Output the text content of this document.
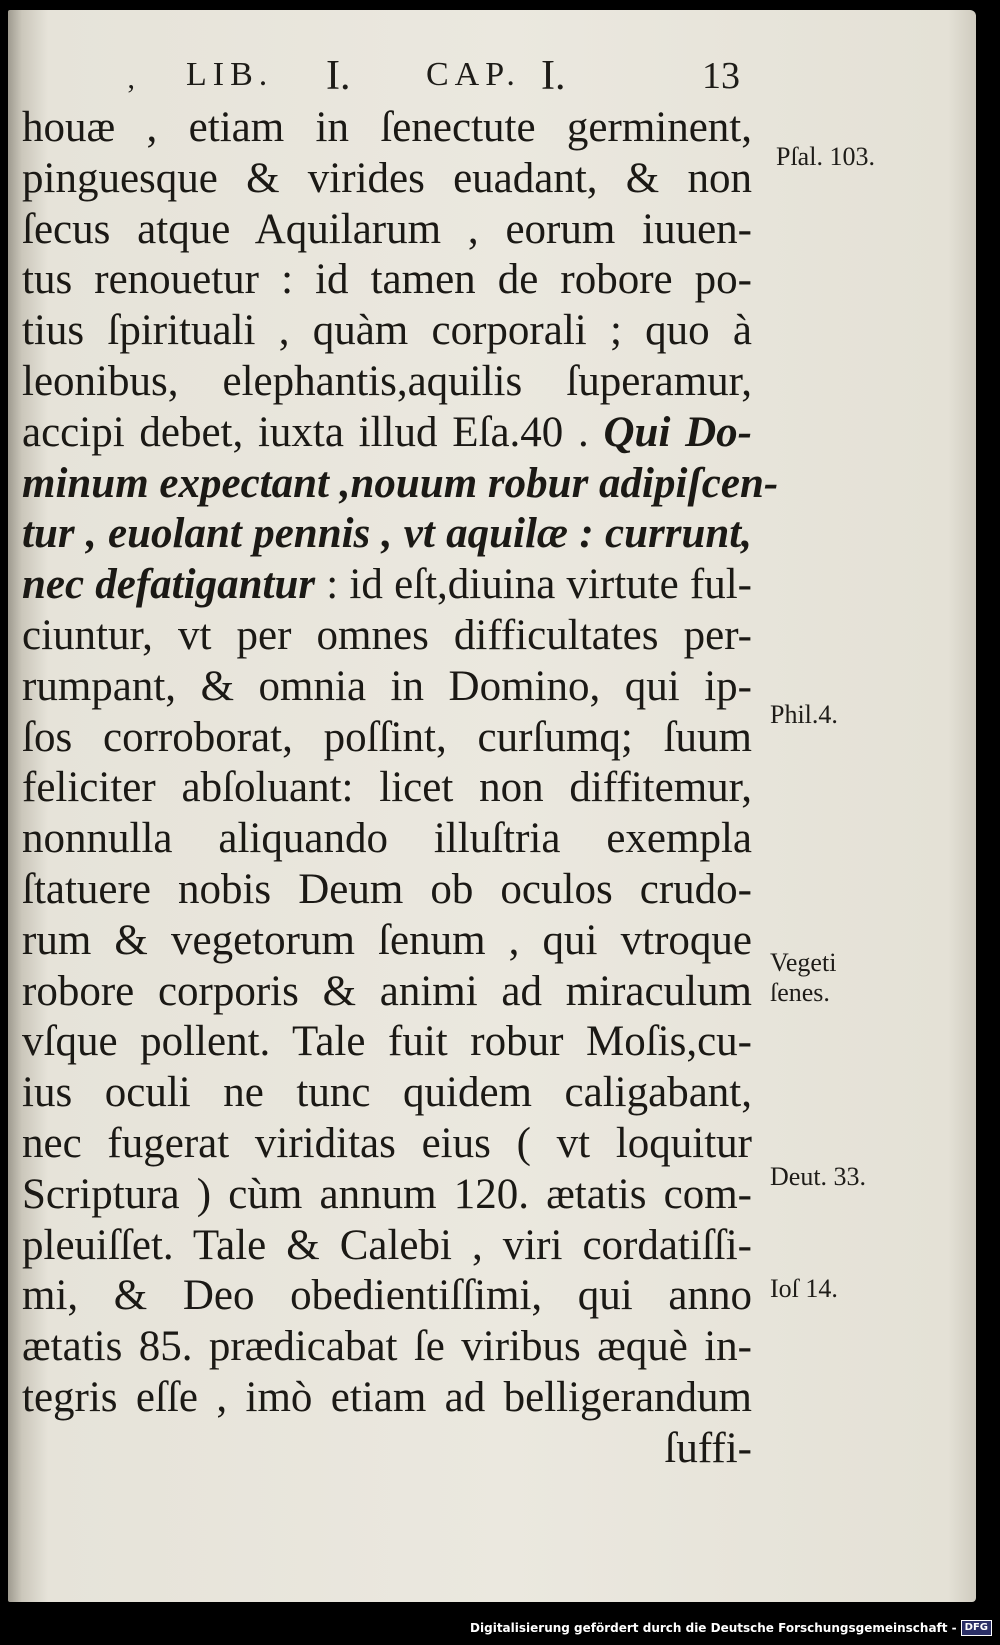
‚ LIB. I. CAP. I.	13
houæ , etiam in ſenectute germinent,
pinguesque & virides euadant, & non
ſecus atque Aquilarum , eorum iuuen-
tus renouetur : id tamen de robore po-
tius ſpirituali , quàm corporali ; quo à
leonibus, elephantis,aquilis ſuperamur,
accipi debet, iuxta illud Eſa.40 . Qui Do-
minum expectant ,nouum robur adipiſcen-
tur , euolant pennis , vt aquilæ : currunt,
nec defatigantur : id eſt,diuina virtute ful-
ciuntur, vt per omnes difficultates per-
rumpant, & omnia in Domino, qui ip-
ſos corroborat, poſſint, curſumq; ſuum
feliciter abſoluant: licet non diffitemur,
nonnulla aliquando illuſtria exempla
ſtatuere nobis Deum ob oculos crudo-
rum & vegetorum ſenum , qui vtroque
robore corporis & animi ad miraculum
vſque pollent. Tale fuit robur Moſis,cu-
ius oculi ne tunc quidem caligabant,
nec fugerat viriditas eius ( vt loquitur
Scriptura ) cùm annum 120. ætatis com-
pleuiſſet. Tale & Calebi , viri cordatiſſi-
mi, & Deo obedientiſſimi, qui anno
ætatis 85. prædicabat ſe viribus æquè in-
tegris eſſe , imò etiam ad belligerandum
ſuffi-
Pſal. 103.
Phil.4.
Vegeti
ſenes.
Deut. 33.
Ioſ 14.
Digitalisierung gefördert durch die Deutsche Forschungsgemeinschaft - DFG
